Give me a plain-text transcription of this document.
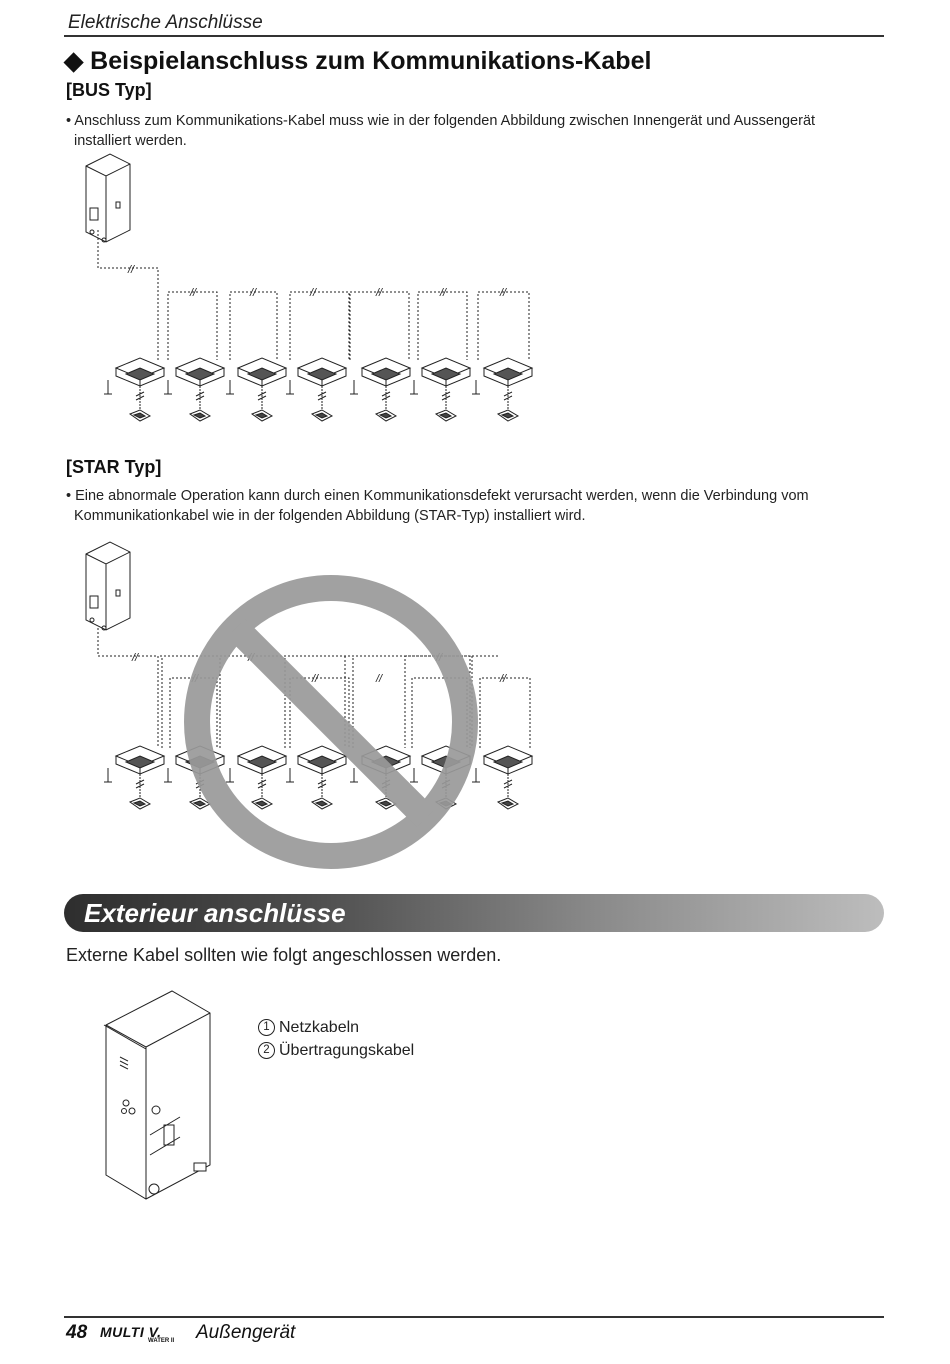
Elektrische Anschlüsse
◆ Beispielanschluss zum Kommunikations-Kabel
[BUS Typ]
• Anschluss zum Kommunikations-Kabel muss wie in der folgenden Abbildung zwischen Innengerät und Aussengerät installiert werden.
//
//	//	//	//	//	//
[STAR Typ]
• Eine abnormale Operation kann durch einen Kommunikationsdefekt verursacht werden, wenn die Verbindung vom Kommunikationkabel wie in der folgenden Abbildung (STAR-Typ) installiert wird.
//	//	//
//	//	//	//
Exterieur anschlüsse
Externe Kabel sollten wie folgt angeschlossen werden.
1 Netzkabeln
2 Übertragungskabel
48 MULTI V.
WATER II Außengerät
